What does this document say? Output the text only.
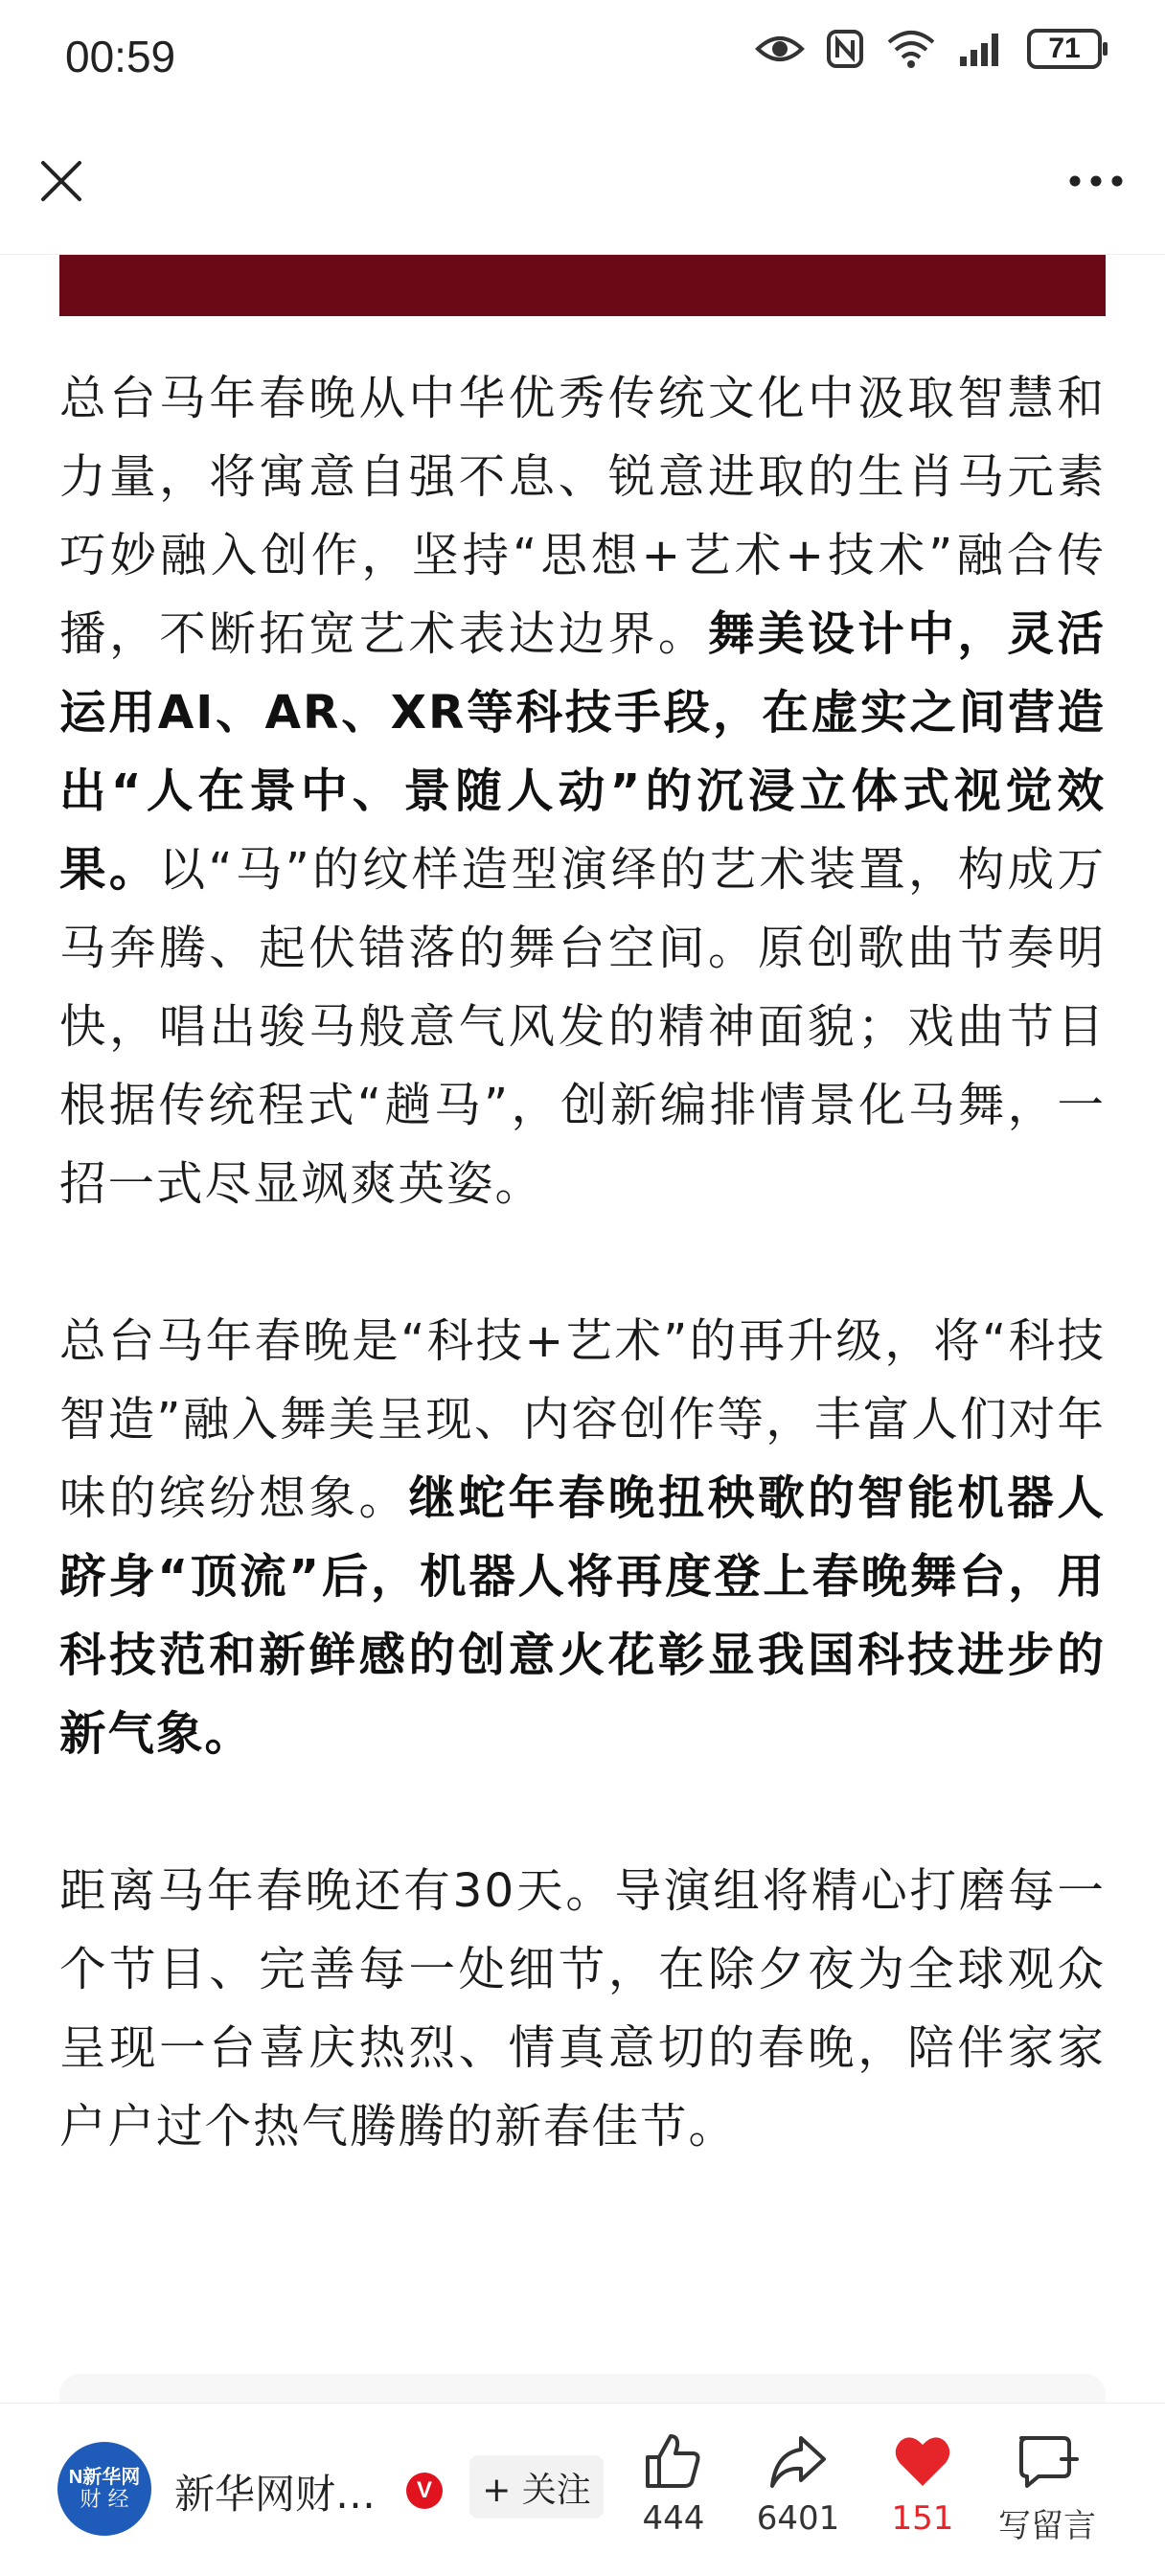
00:59	71

总台马年春晚从中华优秀传统文化中汲取智慧和力量，将寓意自强不息、锐意进取的生肖马元素巧妙融入创作，坚持“思想+艺术+技术”融合传播，不断拓宽艺术表达边界。舞美设计中，灵活运用AI、AR、XR等科技手段，在虚实之间营造出“人在景中、景随人动”的沉浸立体式视觉效果。以“马”的纹样造型演绎的艺术装置，构成万马奔腾、起伏错落的舞台空间。原创歌曲节奏明快，唱出骏马般意气风发的精神面貌；戏曲节目根据传统程式“趟马”，创新编排情景化马舞，一招一式尽显飒爽英姿。

总台马年春晚是“科技+艺术”的再升级，将“科技智造”融入舞美呈现、内容创作等，丰富人们对年味的缤纷想象。继蛇年春晚扭秧歌的智能机器人跻身“顶流”后，机器人将再度登上春晚舞台，用科技范和新鲜感的创意火花彰显我国科技进步的新气象。

距离马年春晚还有30天。导演组将精心打磨每一个节目、完善每一处细节，在除夕夜为全球观众呈现一台喜庆热烈、情真意切的春晚，陪伴家家户户过个热气腾腾的新春佳节。

N新华网
财 经 新华网财…	V	+ 关注
444 6401 151 写留言
